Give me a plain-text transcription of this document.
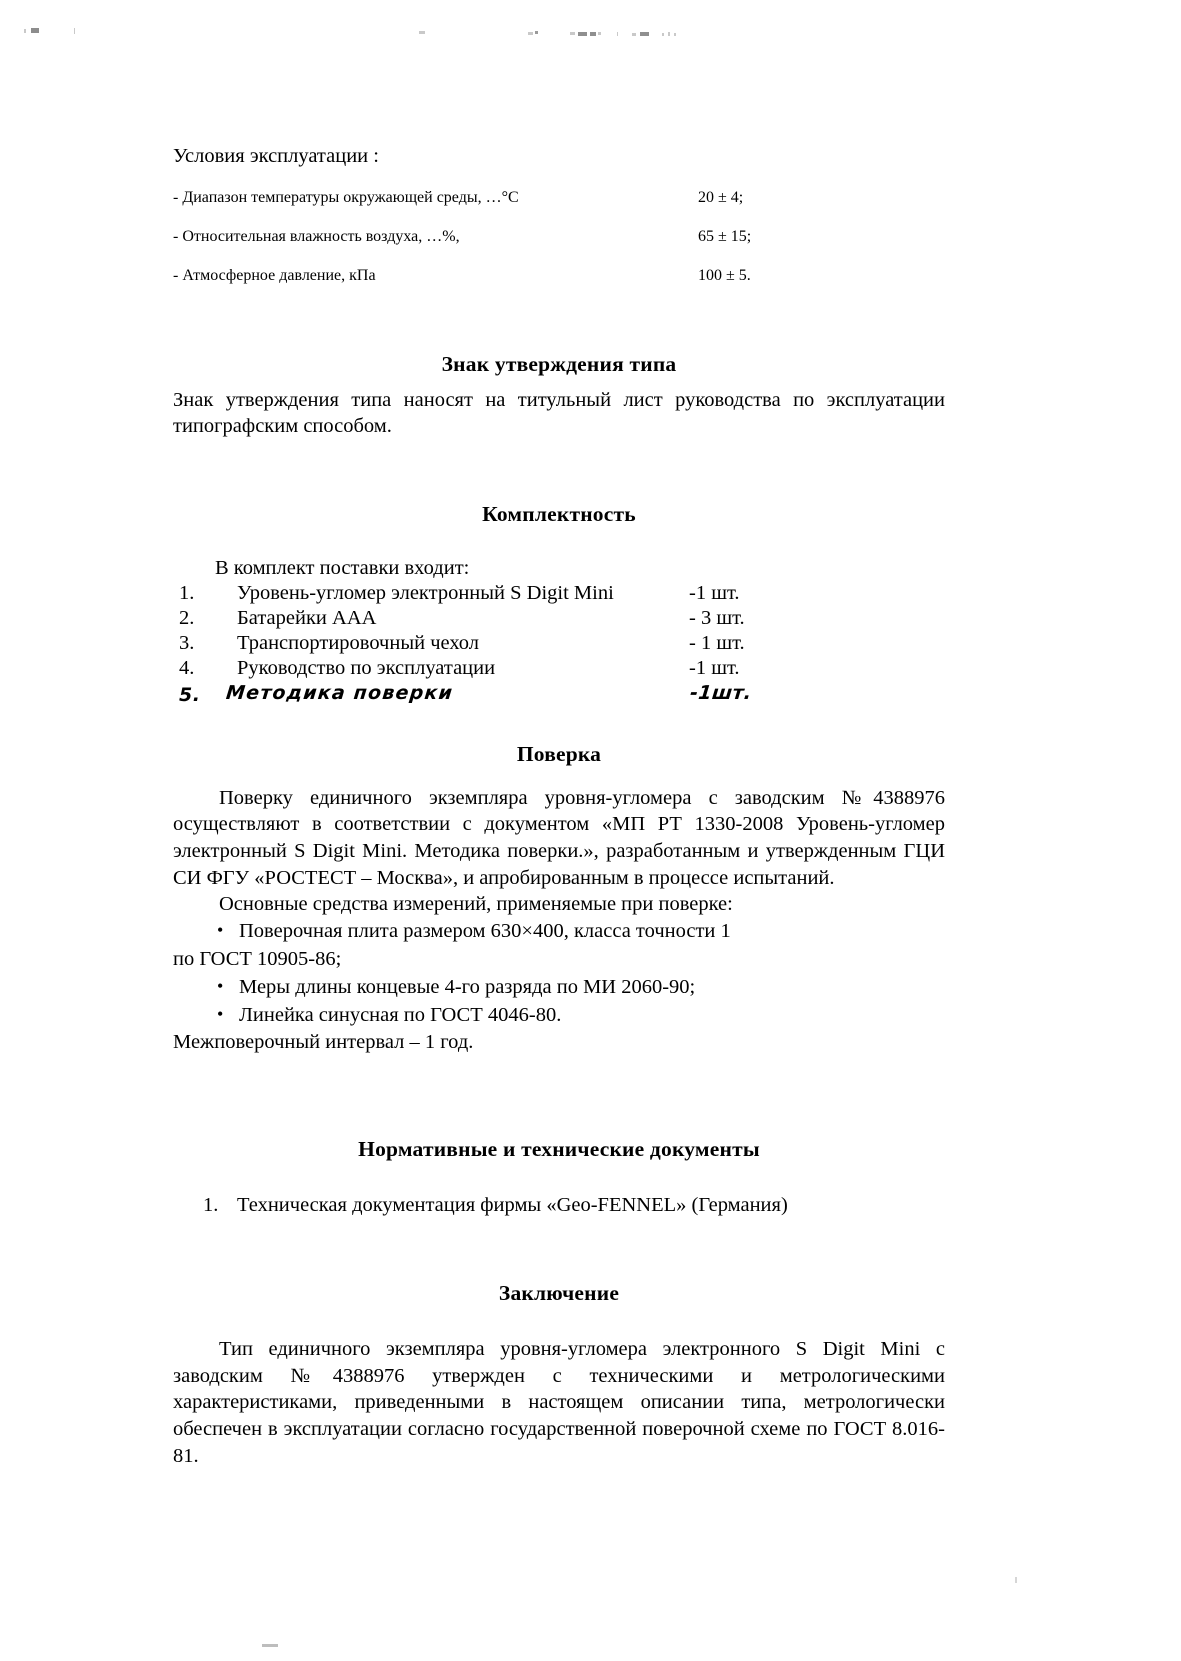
Условия эксплуатации :
- Диапазон температуры окружающей среды, …°С	20 ± 4;
- Относительная влажность воздуха, …%,	65 ± 15;
- Атмосферное давление, кПа	100 ± 5.
Знак утверждения типа

Знак утверждения типа наносят на титульный лист руководства по эксплуатации типографским способом.

Комплектность
В комплект поставки входит:
1.	Уровень-угломер электронный S Digit Mini	-1 шт.
2.	Батарейки ААА	- 3 шт.
3.	Транспортировочный чехол	- 1 шт.
4.	Руководство по эксплуатации	-1 шт.
5. Методика поверки	-1шт.
Поверка

Поверку единичного экземпляра уровня-угломера с заводским №4388976 осуществляют в соответствии с документом «МП РТ 1330-2008 Уровень-угломер электронный S Digit Mini. Методика поверки.», разработанным и утвержденным ГЦИ СИ ФГУ «РОСТЕСТ – Москва», и апробированным в процессе испытаний.

Основные средства измерений, применяемые при поверке:

• Поверочная плита размером 630×400, класса точности 1
по ГОСТ 10905-86;
• Меры длины концевые 4-го разряда по МИ 2060-90;
• Линейка синусная по ГОСТ 4046-80.
Межповерочный интервал – 1 год.
Нормативные и технические документы
1. Техническая документация фирмы «Geo-FENNEL» (Германия)
Заключение

Тип единичного экземпляра уровня-угломера электронного S Digit Mini с заводским №4388976 утвержден с техническими и метрологическими характеристиками, приведенными в настоящем описании типа, метрологически обеспечен в эксплуатации согласно государственной поверочной схеме по ГОСТ 8.016-81.
